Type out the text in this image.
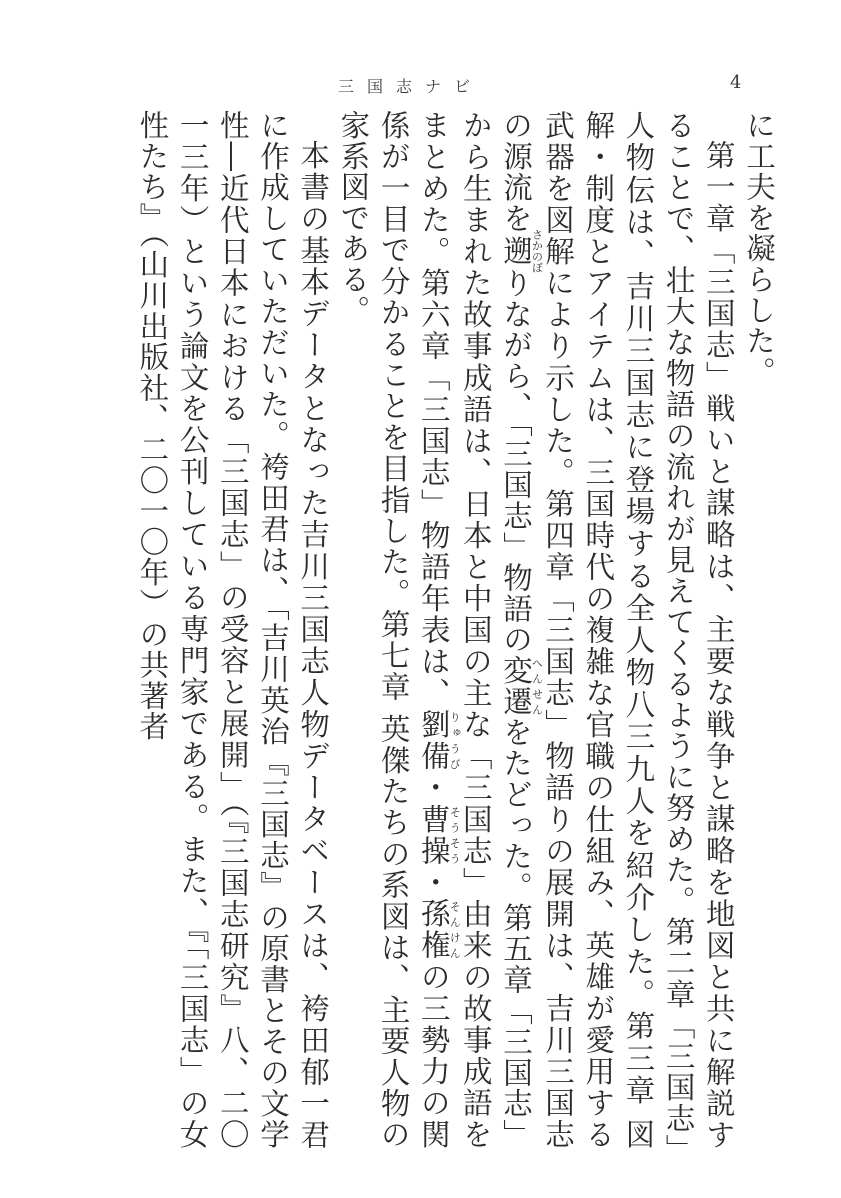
三国志ナビ	4

に工夫を凝らした。

第一章「三国志」戦いと謀略は、主要な戦争と謀略を地図と共に解説することで、壮大な物語の流れが見えてくるように努めた。第二章「三国志」人物伝は、吉川三国志に登場する全人物八三九人を紹介した。第三章 図解・制度とアイテムは、三国時代の複雑な官職の仕組み、英雄が愛用する武器を図解により示した。第四章「三国志」物語りの展開は、吉川三国志の源流を遡さかのぼりながら、「三国志」物語の変遷へんせんをたどった。第五章「三国志」から生まれた故事成語は、日本と中国の主な「三国志」由来の故事成語をまとめた。第六章「三国志」物語年表は、劉備りゅうび・曹操そうそう・孫権そんけんの三勢力の関係が一目で分かることを目指した。第七章 英傑たちの系図は、主要人物の家系図である。

本書の基本データとなった吉川三国志人物データベースは、袴田郁一君に作成していただいた。袴田君は、「吉川英治『三国志』の原書とその文学性―近代日本における「三国志」の受容と展開」（『三国志研究』八、二〇一三年）という論文を公刊している専門家である。また、『「三国志」の女性たち』（山川出版社、二〇一〇年）の共著者
